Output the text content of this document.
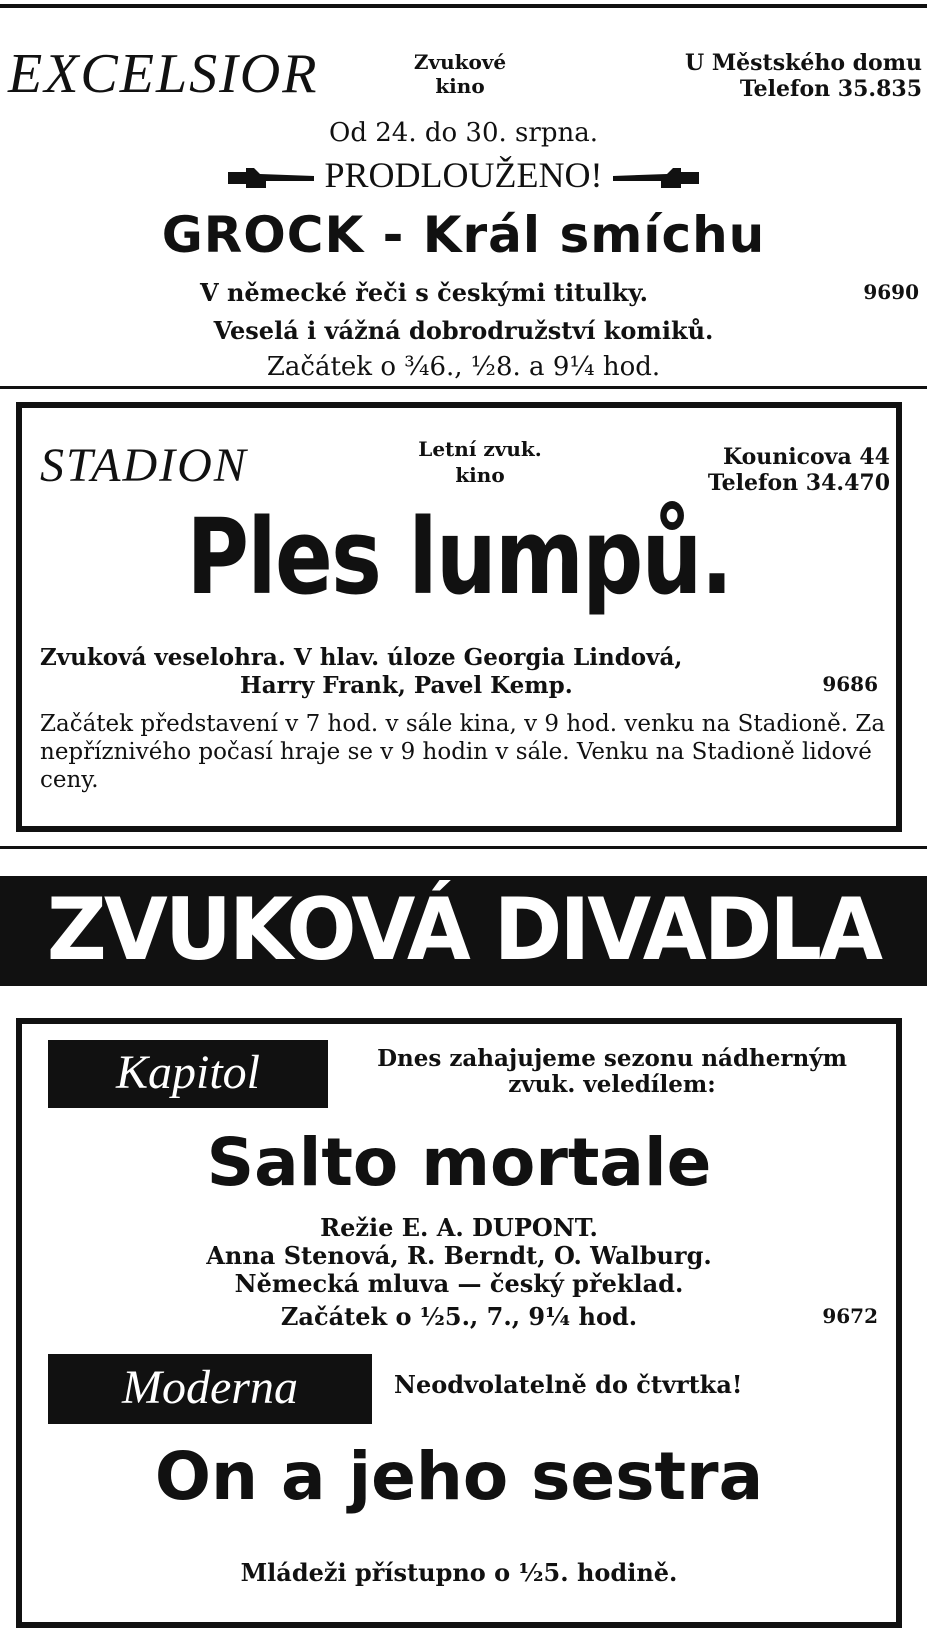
EXCELSIOR	Zvukové
kino
U Městského domu
Telefon 35.835
Od 24. do 30. srpna.
PRODLOUŽENO!
GROCK - Král smíchu
V německé řeči s českými titulky.	9690
Veselá i vážná dobrodružství komiků.
Začátek o ¾6., ½8. a 9¼ hod.
STADION	Letní zvuk.
kino
Kounicova 44
Telefon 34.470
Ples lumpů.
Zvuková veselohra. V hlav. úloze Georgia Lindová,
Harry Frank, Pavel Kemp.	9686
Začátek představení v 7 hod. v sále kina, v 9 hod. venku na Stadioně. Za nepříznivého počasí hraje se v 9 hodin v sále. Venku na Stadioně lidové ceny.
ZVUKOVÁ DIVADLA
Kapitol	Dnes zahajujeme sezonu nádherným zvuk. veledílem:
Salto mortale
Režie E. A. DUPONT.
Anna Stenová, R. Berndt, O. Walburg.
Německá mluva — český překlad.
Začátek o ½5., 7., 9¼ hod.	9672
Moderna	Neodvolatelně do čtvrtka!
On a jeho sestra
Mládeži přístupno o ½5. hodině.
